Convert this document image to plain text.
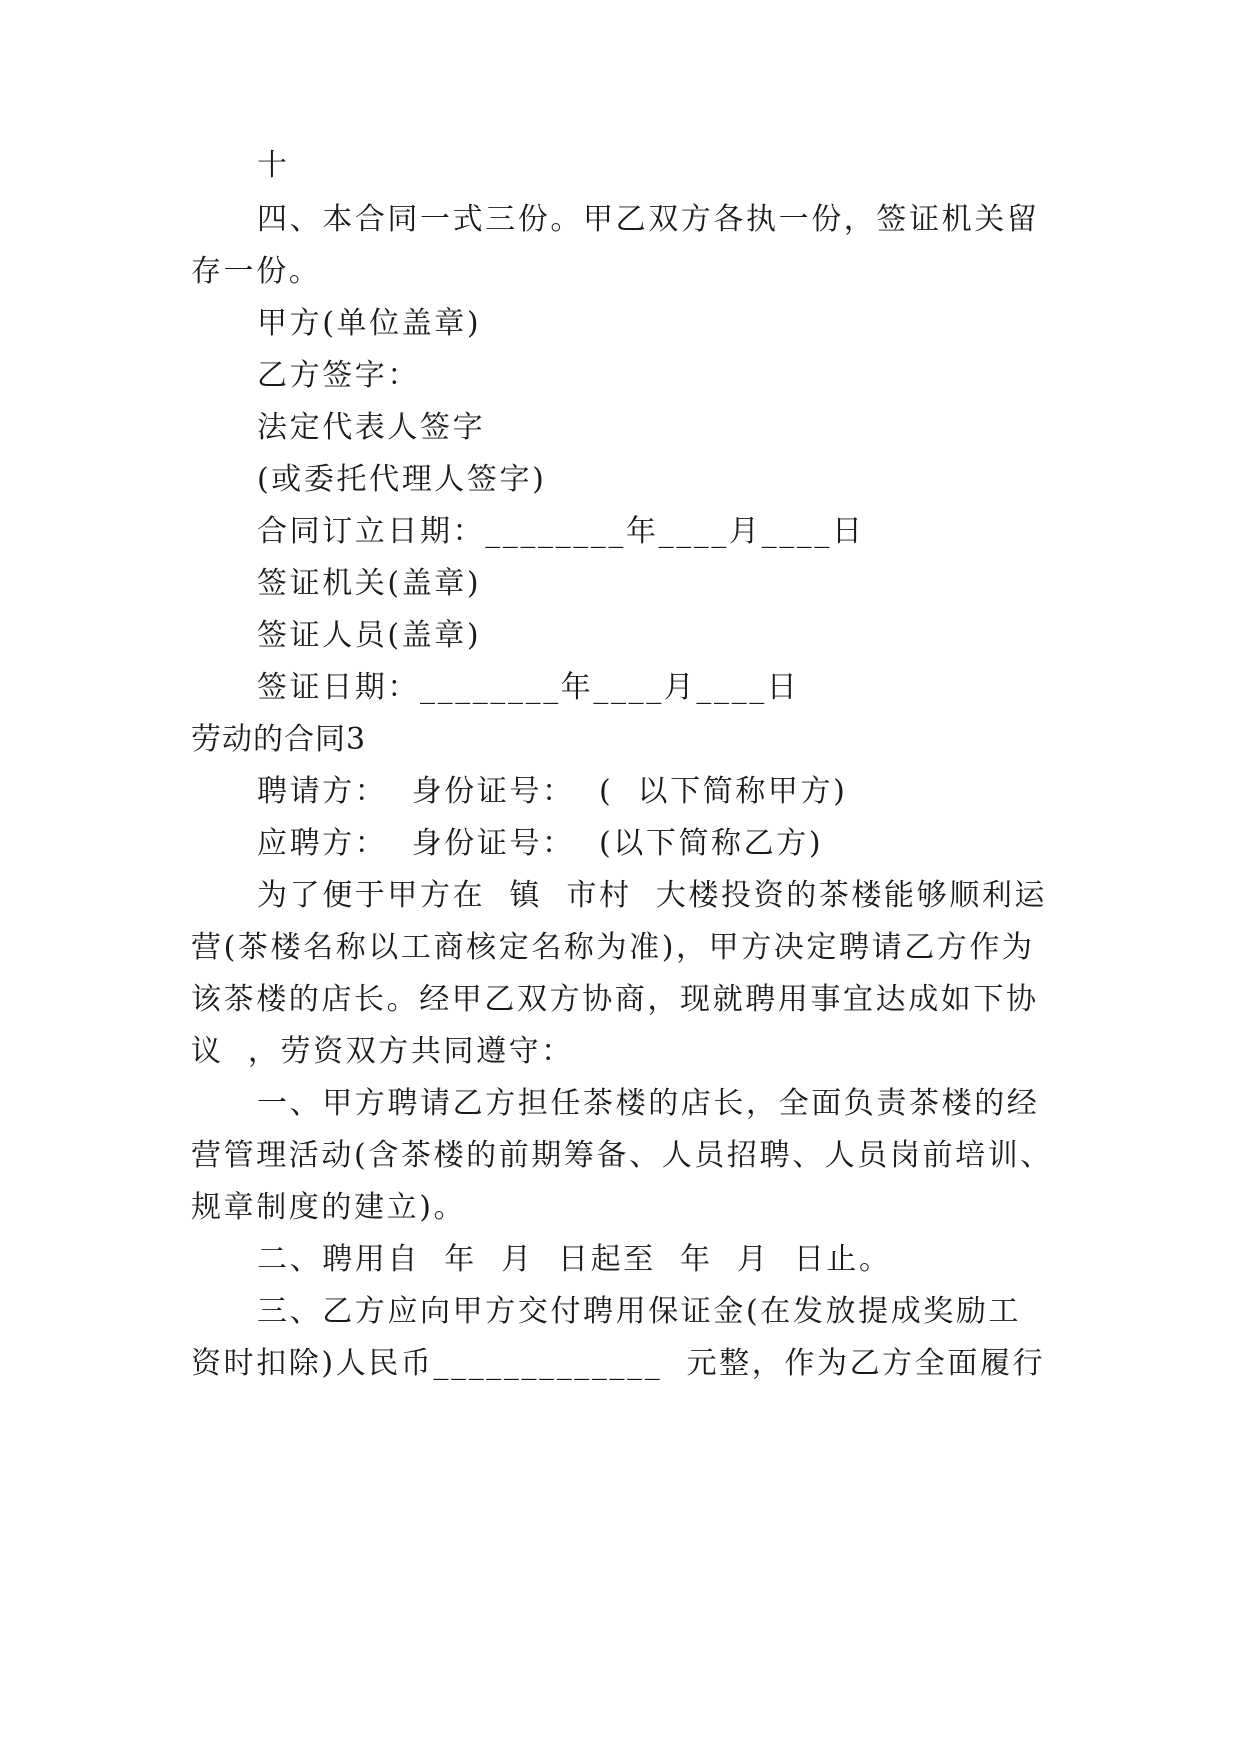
十
四、本合同一式三份。甲乙双方各执一份，签证机关留
存一份。
甲方(单位盖章)
乙方签字：
法定代表人签字
(或委托代理人签字)
合同订立日期：________年____月____日
签证机关(盖章)
签证人员(盖章)
签证日期：________年____月____日
劳动的合同3
聘请方：  身份证号：  (  以下简称甲方)
应聘方：  身份证号：  (以下简称乙方)
为了便于甲方在  镇  市村  大楼投资的茶楼能够顺利运
营(茶楼名称以工商核定名称为准)，甲方决定聘请乙方作为
该茶楼的店长。经甲乙双方协商，现就聘用事宜达成如下协
议  ，劳资双方共同遵守：
一、甲方聘请乙方担任茶楼的店长，全面负责茶楼的经
营管理活动(含茶楼的前期筹备、人员招聘、人员岗前培训、
规章制度的建立)。
二、聘用自  年  月  日起至  年  月  日止。
三、乙方应向甲方交付聘用保证金(在发放提成奖励工
资时扣除)人民币_____________  元整，作为乙方全面履行
